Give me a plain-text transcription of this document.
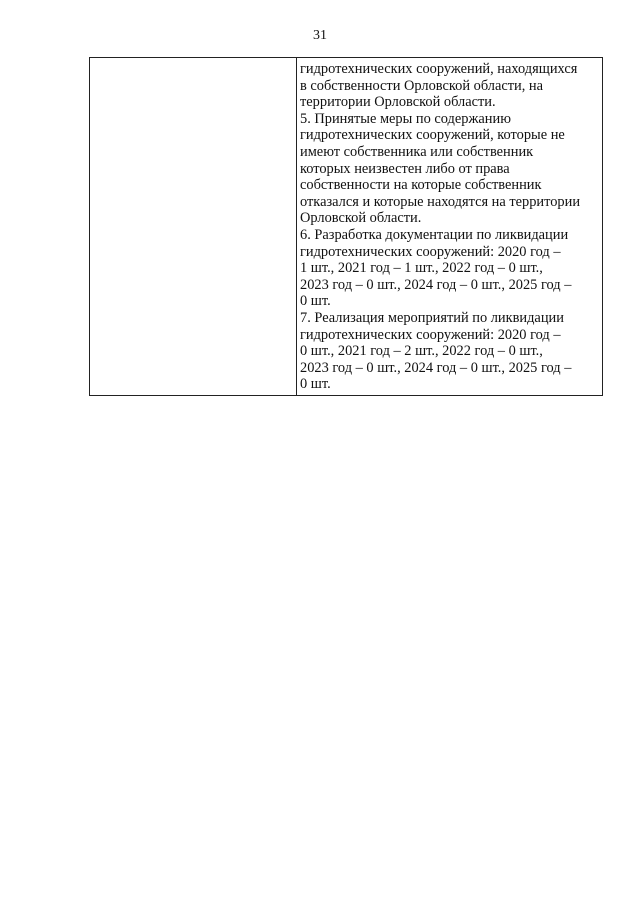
31

гидротехнических сооружений, находящихся
в собственности Орловской области, на
территории Орловской области.
5. Принятые меры по содержанию
гидротехнических сооружений, которые не
имеют собственника или собственник
которых неизвестен либо от права
собственности на которые собственник
отказался и которые находятся на территории
Орловской области.
6. Разработка документации по ликвидации
гидротехнических сооружений: 2020 год –
1 шт., 2021 год – 1 шт., 2022 год – 0 шт.,
2023 год – 0 шт., 2024 год – 0 шт., 2025 год –
0 шт.
7. Реализация мероприятий по ликвидации
гидротехнических сооружений: 2020 год –
0 шт., 2021 год – 2 шт., 2022 год – 0 шт.,
2023 год – 0 шт., 2024 год – 0 шт., 2025 год –
0 шт.
